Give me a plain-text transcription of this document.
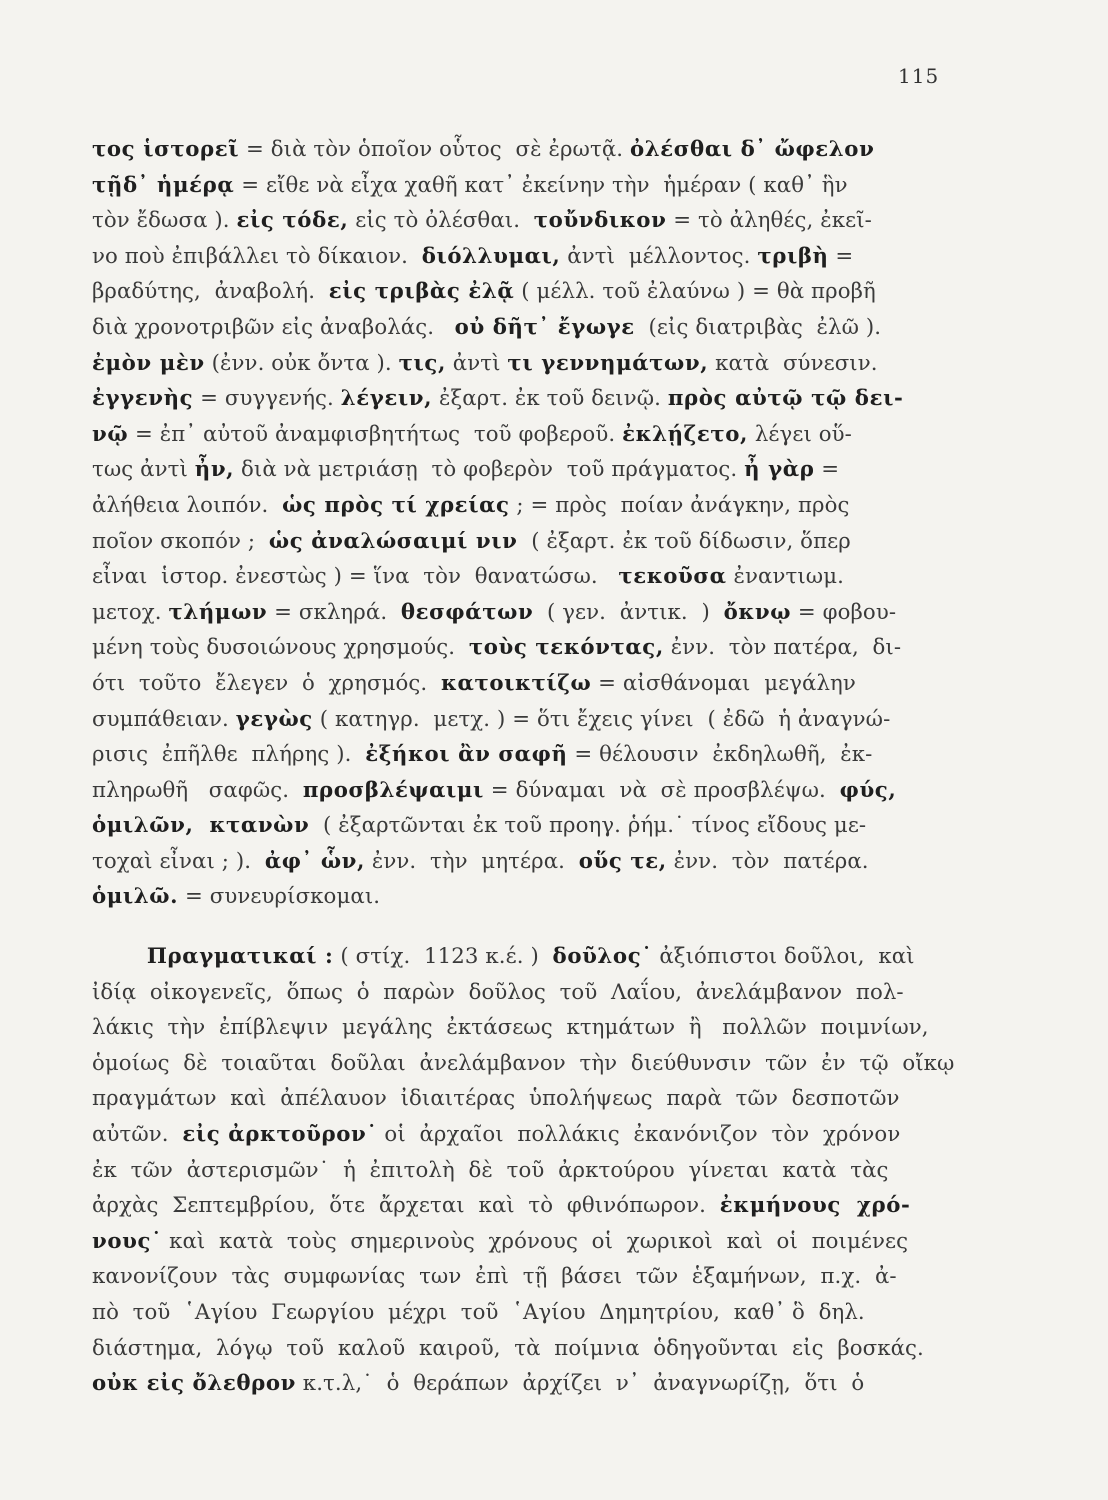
115
τος ἱστορεῖ = διὰ τὸν ὁποῖον οὗτος  σὲ ἐρωτᾷ. ὀλέσθαι δ᾽ ὤφελον
τῇδ᾽ ἡμέρᾳ = εἴθε νὰ εἶχα χαθῆ κατ᾽ ἐκείνην τὴν  ἡμέραν ( καθ᾽ ἣν
τὸν ἔδωσα ). εἰς τόδε, εἰς τὸ ὀλέσθαι.  τοὔνδικον = τὸ ἀληθές, ἐκεῖ-
νο ποὺ ἐπιβάλλει τὸ δίκαιον.  διόλλυμαι, ἀντὶ  μέλλοντος. τριβὴ =
βραδύτης,  ἀναβολή.  εἰς τριβὰς ἐλᾷ ( μέλλ. τοῦ ἐλαύνω ) = θὰ προβῆ
διὰ χρονοτριβῶν εἰς ἀναβολάς.   οὐ δῆτ᾽ ἔγωγε  (εἰς διατριβὰς  ἐλῶ ).
ἐμὸν μὲν (ἐνν. οὐκ ὄντα ). τις, ἀντὶ τι γεννημάτων, κατὰ  σύνεσιν.
ἐγγενὴς = συγγενής. λέγειν, ἐξαρτ. ἐκ τοῦ δεινῷ. πρὸς αὐτῷ τῷ δει-
νῷ = ἐπ᾽ αὐτοῦ ἀναμφισβητήτως  τοῦ φοβεροῦ. ἐκλῄζετο, λέγει οὕ-
τως ἀντὶ ἦν, διὰ νὰ μετριάσῃ  τὸ φοβερὸν  τοῦ πράγματος. ἦ γὰρ =
ἀλήθεια λοιπόν.  ὡς πρὸς τί χρείας ; = πρὸς  ποίαν ἀνάγκην, πρὸς
ποῖον σκοπόν ;  ὡς ἀναλώσαιμί νιν  ( ἐξαρτ. ἐκ τοῦ δίδωσιν, ὅπερ
εἶναι  ἱστορ. ἐνεστὼς ) = ἵνα  τὸν  θανατώσω.   τεκοῦσα ἐναντιωμ.
μετοχ. τλήμων = σκληρά.  θεσφάτων  ( γεν.  ἀντικ.  )  ὄκνῳ = φοβου-
μένη τοὺς δυσοιώνους χρησμούς.  τοὺς τεκόντας, ἐνν.  τὸν πατέρα,  δι-
ότι  τοῦτο  ἔλεγεν  ὁ  χρησμός.  κατοικτίζω = αἰσθάνομαι  μεγάλην
συμπάθειαν. γεγὼς ( κατηγρ.  μετχ. ) = ὅτι ἔχεις γίνει  ( ἐδῶ  ἡ ἀναγνώ-
ρισις  ἐπῆλθε  πλήρης ).  ἐξήκοι ἂν σαφῆ = θέλουσιν  ἐκδηλωθῆ,  ἐκ-
πληρωθῆ   σαφῶς.  προσβλέψαιμι = δύναμαι  νὰ  σὲ προσβλέψω.  φύς,
ὁμιλῶν,  κτανὼν  ( ἐξαρτῶνται ἐκ τοῦ προηγ. ῥήμ.˙ τίνος εἴδους με-
τοχαὶ εἶναι ; ).  ἀφ᾽ ὧν, ἐνν.  τὴν  μητέρα.  οὕς τε, ἐνν.  τὸν  πατέρα.
ὁμιλῶ. = συνευρίσκομαι.
Πραγματικαί : ( στίχ.  1123 κ.έ. )  δοῦλος˙ ἀξιόπιστοι δοῦλοι,  καὶ
ἰδίᾳ  οἰκογενεῖς,  ὅπως  ὁ  παρὼν  δοῦλος  τοῦ  Λαΐου,  ἀνελάμβανον  πολ-
λάκις  τὴν  ἐπίβλεψιν  μεγάλης  ἐκτάσεως  κτημάτων  ἢ   πολλῶν  ποιμνίων,
ὁμοίως  δὲ  τοιαῦται  δοῦλαι  ἀνελάμβανον  τὴν  διεύθυνσιν  τῶν  ἐν  τῷ  οἴκῳ
πραγμάτων  καὶ  ἀπέλαυον  ἰδιαιτέρας  ὑπολήψεως  παρὰ  τῶν  δεσποτῶν
αὐτῶν.  εἰς ἀρκτοῦρον˙ οἱ  ἀρχαῖοι  πολλάκις  ἐκανόνιζον  τὸν  χρόνον
ἐκ  τῶν  ἀστερισμῶν˙  ἡ  ἐπιτολὴ  δὲ  τοῦ  ἀρκτούρου  γίνεται  κατὰ  τὰς
ἀρχὰς  Σεπτεμβρίου,  ὅτε  ἄρχεται  καὶ  τὸ  φθινόπωρον.  ἐκμήνους  χρό-
νους˙ καὶ  κατὰ  τοὺς  σημερινοὺς  χρόνους  οἱ  χωρικοὶ  καὶ  οἱ  ποιμένες
κανονίζουν  τὰς  συμφωνίας  των  ἐπὶ  τῇ  βάσει  τῶν  ἑξαμήνων,  π.χ.  ἀ-
πὸ  τοῦ  ῾Αγίου  Γεωργίου  μέχρι  τοῦ  ῾Αγίου  Δημητρίου,  καθ᾽ ὃ  δηλ.
διάστημα,  λόγῳ  τοῦ  καλοῦ  καιροῦ,  τὰ  ποίμνια  ὁδηγοῦνται  εἰς  βοσκάς.
οὐκ εἰς ὄλεθρον κ.τ.λ,˙  ὁ  θεράπων  ἀρχίζει  ν᾽  ἀναγνωρίζῃ,  ὅτι  ὁ
